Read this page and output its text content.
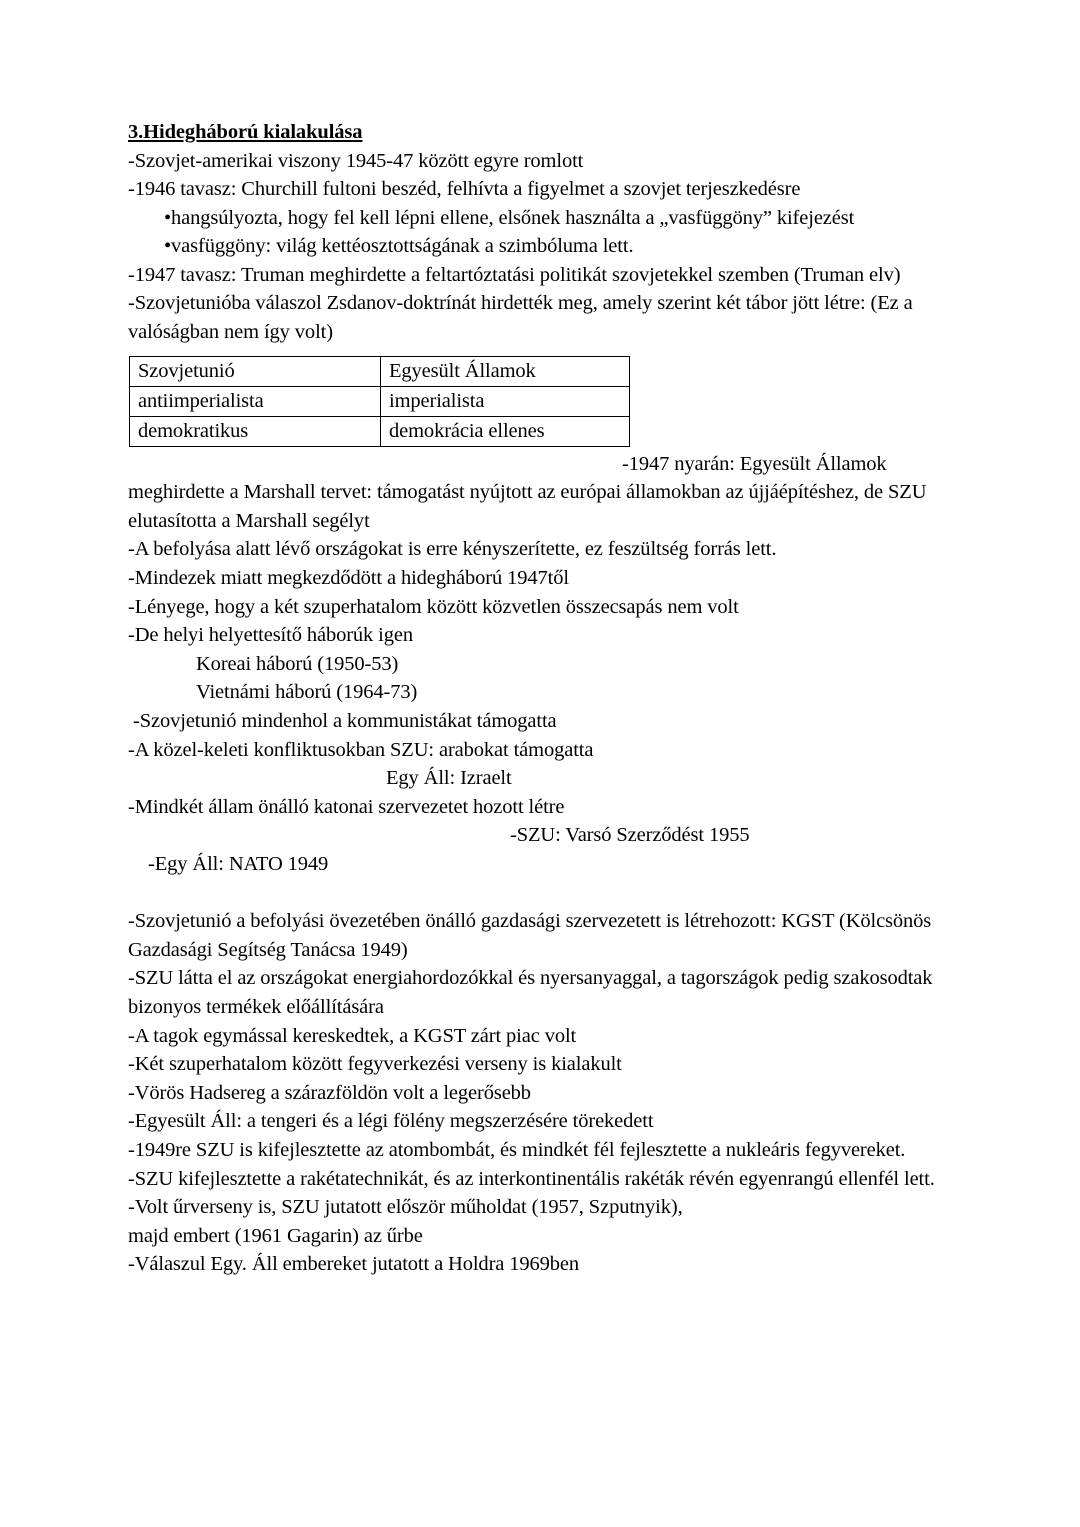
3.Hidegháború kialakulása
-Szovjet-amerikai viszony 1945-47 között egyre romlott
-1946 tavasz: Churchill fultoni beszéd, felhívta a figyelmet a szovjet terjeszkedésre
•hangsúlyozta, hogy fel kell lépni ellene, elsőnek használta a „vasfüggöny” kifejezést
•vasfüggöny: világ kettéosztottságának a szimbóluma lett.
-1947 tavasz: Truman meghirdette a feltartóztatási politikát szovjetekkel szemben (Truman elv)
-Szovjetunióba válaszol Zsdanov-doktrínát hirdették meg, amely szerint két tábor jött létre: (Ez a valóságban nem így volt)
Szovjetunió	Egyesült Államok
antiimperialista	imperialista
demokratikus	demokrácia ellenes
-1947 nyarán: Egyesült Államok
meghirdette a Marshall tervet: támogatást nyújtott az európai államokban az újjáépítéshez, de SZU elutasította a Marshall segélyt
-A befolyása alatt lévő országokat is erre kényszerítette, ez feszültség forrás lett.
-Mindezek miatt megkezdődött a hidegháború 1947től
-Lényege, hogy a két szuperhatalom között közvetlen összecsapás nem volt
-De helyi helyettesítő háborúk igen
Koreai háború (1950-53)
Vietnámi háború (1964-73)
-Szovjetunió mindenhol a kommunistákat támogatta
-A közel-keleti konfliktusokban SZU: arabokat támogatta
Egy Áll: Izraelt
-Mindkét állam önálló katonai szervezetet hozott létre

-Egy Áll: NATO 1949
-SZU: Varsó Szerződést 1955

-Szovjetunió a befolyási övezetében önálló gazdasági szervezetett is létrehozott: KGST (Kölcsönös Gazdasági Segítség Tanácsa 1949)
-SZU látta el az országokat energiahordozókkal és nyersanyaggal, a tagországok pedig szakosodtak bizonyos termékek előállítására
-A tagok egymással kereskedtek, a KGST zárt piac volt
-Két szuperhatalom között fegyverkezési verseny is kialakult
-Vörös Hadsereg a szárazföldön volt a legerősebb
-Egyesült Áll: a tengeri és a légi fölény megszerzésére törekedett
-1949re SZU is kifejlesztette az atombombát, és mindkét fél fejlesztette a nukleáris fegyvereket.
-SZU kifejlesztette a rakétatechnikát, és az interkontinentális rakéták révén egyenrangú ellenfél lett.
-Volt űrverseny is, SZU jutatott először műholdat (1957, Szputnyik),
majd embert (1961 Gagarin) az űrbe
-Válaszul Egy. Áll embereket jutatott a Holdra 1969ben
